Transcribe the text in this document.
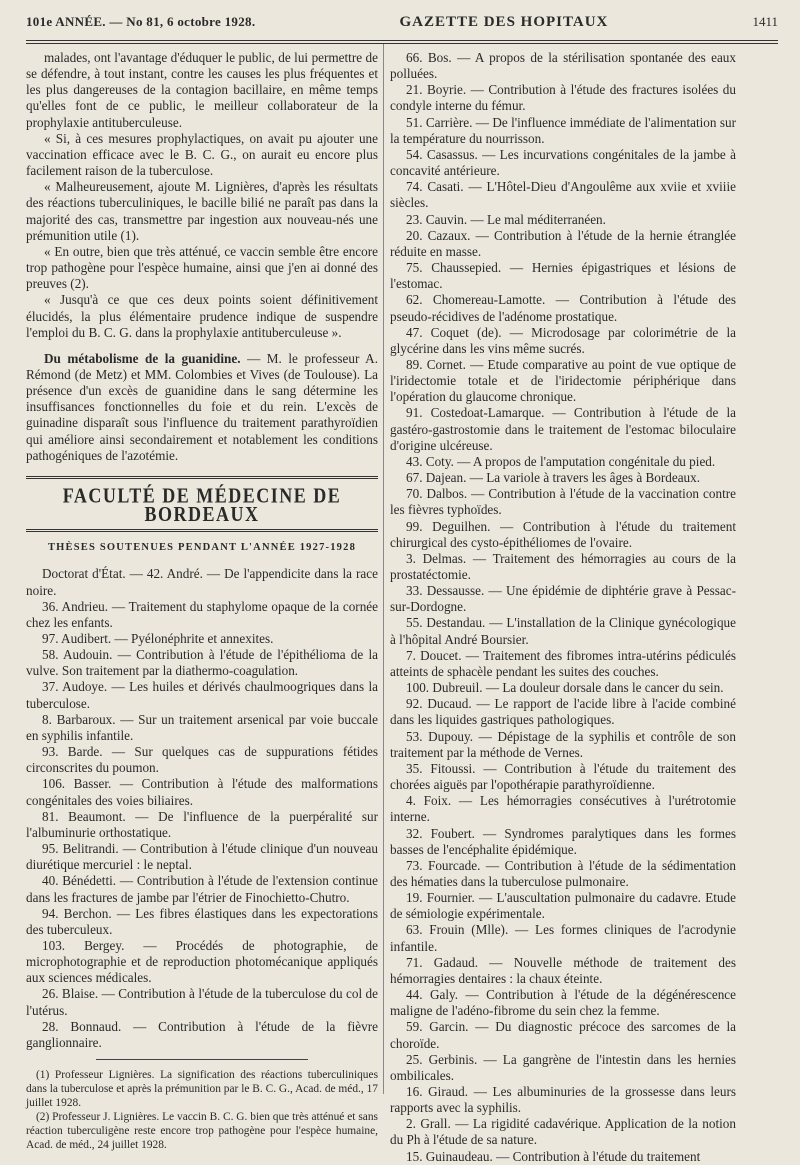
101e ANNÉE. — No 81, 6 octobre 1928.	GAZETTE DES HOPITAUX	1411

malades, ont l'avantage d'éduquer le public, de lui permettre de se défendre, à tout instant, contre les causes les plus fréquentes et les plus dangereuses de la contagion bacillaire, en même temps qu'elles font de ce public, le meilleur collaborateur de la prophylaxie antituberculeuse.

« Si, à ces mesures prophylactiques, on avait pu ajouter une vaccination efficace avec le B. C. G., on aurait eu encore plus facilement raison de la tuberculose.

« Malheureusement, ajoute M. Lignières, d'après les résultats des réactions tuberculiniques, le bacille bilié ne paraît pas dans la majorité des cas, transmettre par ingestion aux nouveau-nés une prémunition utile (1).

« En outre, bien que très atténué, ce vaccin semble être encore trop pathogène pour l'espèce humaine, ainsi que j'en ai donné des preuves (2).

« Jusqu'à ce que ces deux points soient définitivement élucidés, la plus élémentaire prudence indique de suspendre l'emploi du B. C. G. dans la prophylaxie antituberculeuse ».

Du métabolisme de la guanidine. — M. le professeur A. Rémond (de Metz) et MM. Colombies et Vives (de Toulouse). La présence d'un excès de guanidine dans le sang détermine les insuffisances fonctionnelles du foie et du rein. L'excès de guinadine disparaît sous l'influence du traitement parathyroïdien qui améliore ainsi secondairement et notablement les conditions pathogéniques de l'azotémie.

FACULTÉ DE MÉDECINE DE BORDEAUX
THÈSES SOUTENUES PENDANT L'ANNÉE 1927-1928

Doctorat d'État. — 42. André. — De l'appendicite dans la race noire.

36. Andrieu. — Traitement du staphylome opaque de la cornée chez les enfants.

97. Audibert. — Pyélonéphrite et annexites.

58. Audouin. — Contribution à l'étude de l'épithélioma de la vulve. Son traitement par la diathermo-coagulation.

37. Audoye. — Les huiles et dérivés chaulmoogriques dans la tuberculose.

8. Barbaroux. — Sur un traitement arsenical par voie buccale en syphilis infantile.

93. Barde. — Sur quelques cas de suppurations fétides circonscrites du poumon.

106. Basser. — Contribution à l'étude des malformations congénitales des voies biliaires.

81. Beaumont. — De l'influence de la puerpéralité sur l'albuminurie orthostatique.

95. Belitrandi. — Contribution à l'étude clinique d'un nouveau diurétique mercuriel : le neptal.

40. Bénédetti. — Contribution à l'étude de l'extension continue dans les fractures de jambe par l'étrier de Finochietto-Chutro.

94. Berchon. — Les fibres élastiques dans les expectorations des tuberculeux.

103. Bergey. — Procédés de photographie, de microphotographie et de reproduction photomécanique appliqués aux sciences médicales.

26. Blaise. — Contribution à l'étude de la tuberculose du col de l'utérus.

28. Bonnaud. — Contribution à l'étude de la fièvre ganglionnaire.

(1) Professeur Lignières. La signification des réactions tuberculiniques dans la tuberculose et après la prémunition par le B. C. G., Acad. de méd., 17 juillet 1928.

(2) Professeur J. Lignières. Le vaccin B. C. G. bien que très atténué et sans réaction tuberculigène reste encore trop pathogène pour l'espèce humaine, Acad. de méd., 24 juillet 1928.

66. Bos. — A propos de la stérilisation spontanée des eaux polluées.

21. Boyrie. — Contribution à l'étude des fractures isolées du condyle interne du fémur.

51. Carrière. — De l'influence immédiate de l'alimentation sur la température du nourrisson.

54. Casassus. — Les incurvations congénitales de la jambe à concavité antérieure.

74. Casati. — L'Hôtel-Dieu d'Angoulême aux xviie et xviiie siècles.

23. Cauvin. — Le mal méditerranéen.

20. Cazaux. — Contribution à l'étude de la hernie étranglée réduite en masse.

75. Chaussepied. — Hernies épigastriques et lésions de l'estomac.

62. Chomereau-Lamotte. — Contribution à l'étude des pseudo-récidives de l'adénome prostatique.

47. Coquet (de). — Microdosage par colorimétrie de la glycérine dans les vins même sucrés.

89. Cornet. — Etude comparative au point de vue optique de l'iridectomie totale et de l'iridectomie périphérique dans l'opération du glaucome chronique.

91. Costedoat-Lamarque. — Contribution à l'étude de la gastéro-gastrostomie dans le traitement de l'estomac biloculaire d'origine ulcéreuse.

43. Coty. — A propos de l'amputation congénitale du pied.

67. Dajean. — La variole à travers les âges à Bordeaux.

70. Dalbos. — Contribution à l'étude de la vaccination contre les fièvres typhoïdes.

99. Deguilhen. — Contribution à l'étude du traitement chirurgical des cysto-épithéliomes de l'ovaire.

3. Delmas. — Traitement des hémorragies au cours de la prostatéctomie.

33. Dessausse. — Une épidémie de diphtérie grave à Pessac-sur-Dordogne.

55. Destandau. — L'installation de la Clinique gynécologique à l'hôpital André Boursier.

7. Doucet. — Traitement des fibromes intra-utérins pédiculés atteints de sphacèle pendant les suites des couches.

100. Dubreuil. — La douleur dorsale dans le cancer du sein.

92. Ducaud. — Le rapport de l'acide libre à l'acide combiné dans les liquides gastriques pathologiques.

53. Dupouy. — Dépistage de la syphilis et contrôle de son traitement par la méthode de Vernes.

35. Fitoussi. — Contribution à l'étude du traitement des chorées aiguës par l'opothérapie parathyroïdienne.

4. Foix. — Les hémorragies consécutives à l'urétrotomie interne.

32. Foubert. — Syndromes paralytiques dans les formes basses de l'encéphalite épidémique.

73. Fourcade. — Contribution à l'étude de la sédimentation des hématies dans la tuberculose pulmonaire.

19. Fournier. — L'auscultation pulmonaire du cadavre. Etude de sémiologie expérimentale.

63. Frouin (Mlle). — Les formes cliniques de l'acrodynie infantile.

71. Gadaud. — Nouvelle méthode de traitement des hémorragies dentaires : la chaux éteinte.

44. Galy. — Contribution à l'étude de la dégénérescence maligne de l'adéno-fibrome du sein chez la femme.

59. Garcin. — Du diagnostic précoce des sarcomes de la choroïde.

25. Gerbinis. — La gangrène de l'intestin dans les hernies ombilicales.

16. Giraud. — Les albuminuries de la grossesse dans leurs rapports avec la syphilis.

2. Grall. — La rigidité cadavérique. Application de la notion du Ph à l'étude de sa nature.

15. Guinaudeau. — Contribution à l'étude du traitement
